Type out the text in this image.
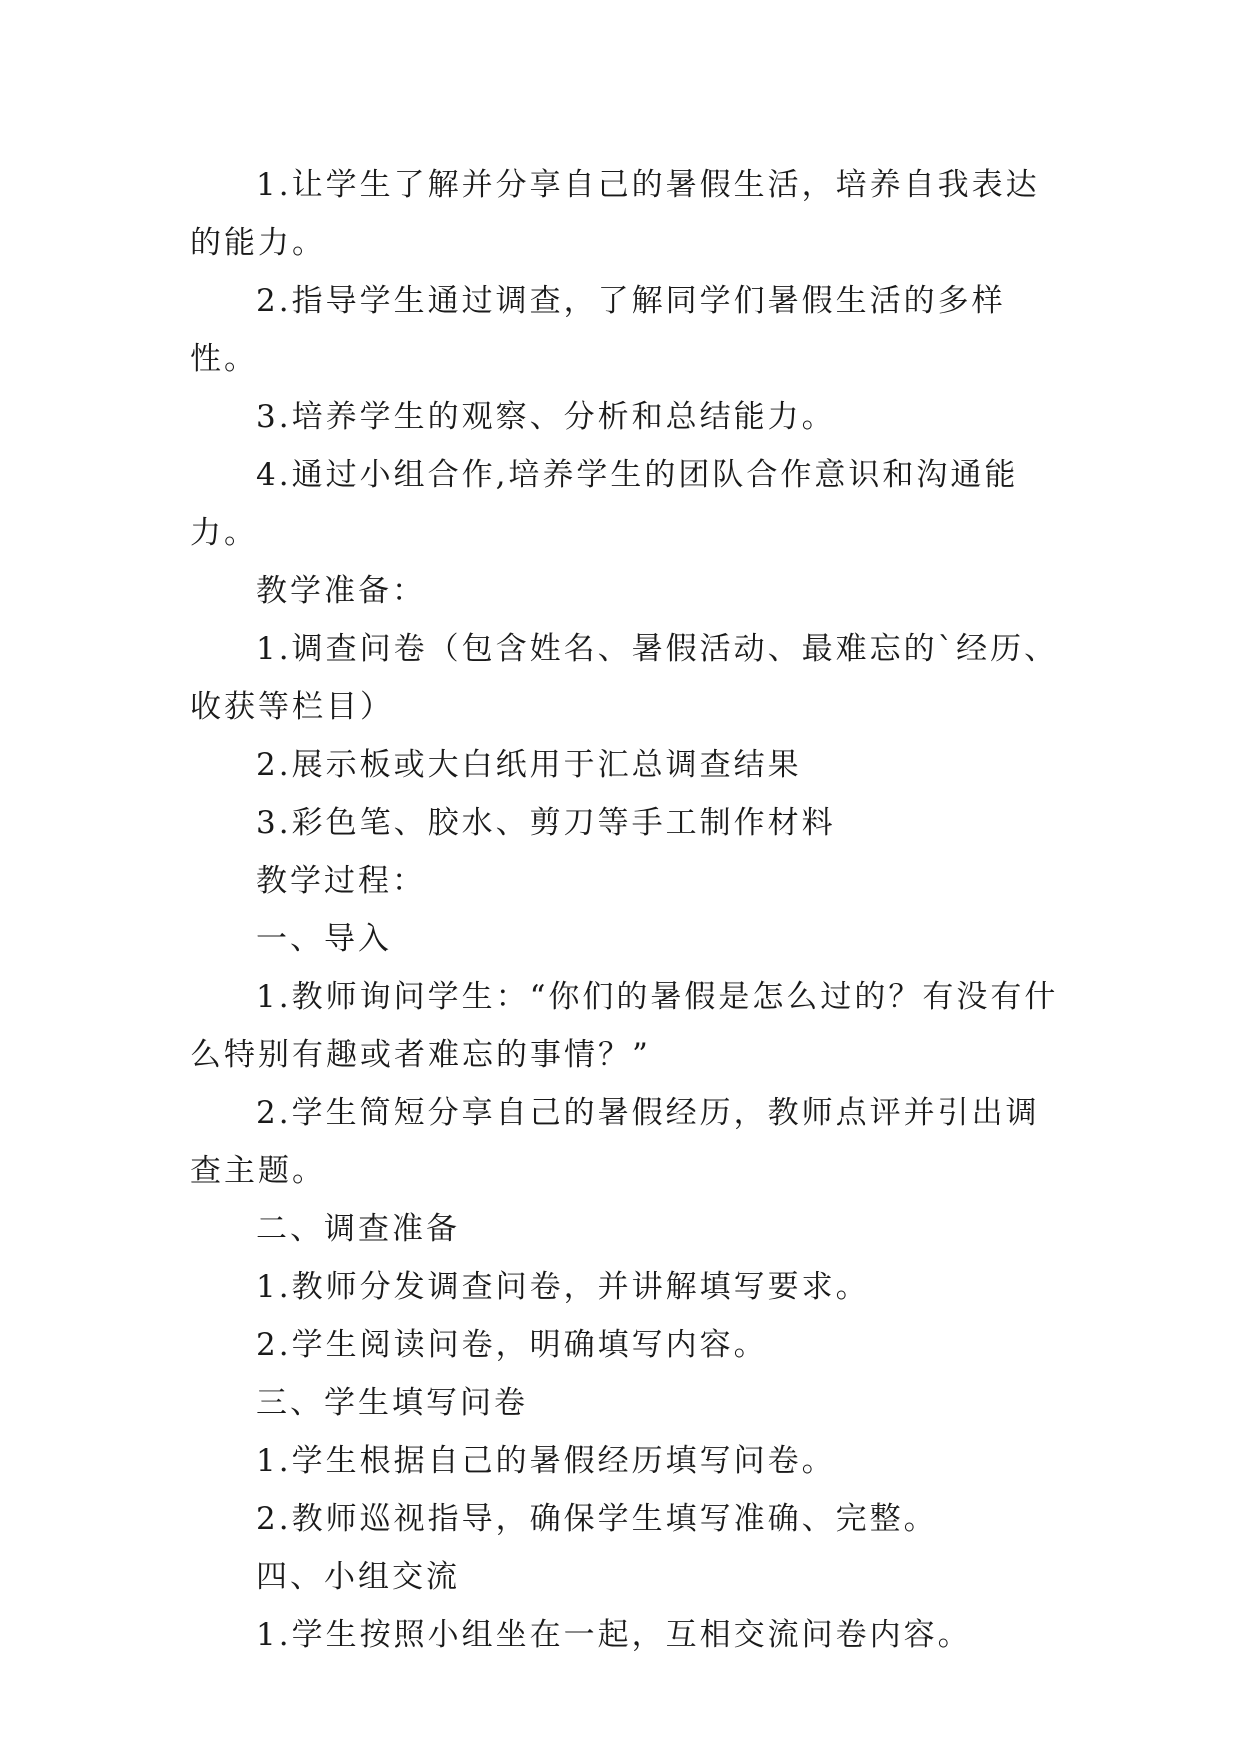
1.让学生了解并分享自己的暑假生活，培养自我表达的能力。

2.指导学生通过调查，了解同学们暑假生活的多样性。

3.培养学生的观察、分析和总结能力。

4.通过小组合作,培养学生的团队合作意识和沟通能力。

教学准备：

1.调查问卷（包含姓名、暑假活动、最难忘的`经历、收获等栏目）

2.展示板或大白纸用于汇总调查结果

3.彩色笔、胶水、剪刀等手工制作材料

教学过程：

一、导入

1.教师询问学生：“你们的暑假是怎么过的？有没有什么特别有趣或者难忘的事情？”

2.学生简短分享自己的暑假经历，教师点评并引出调查主题。

二、调查准备

1.教师分发调查问卷，并讲解填写要求。

2.学生阅读问卷，明确填写内容。

三、学生填写问卷

1.学生根据自己的暑假经历填写问卷。

2.教师巡视指导，确保学生填写准确、完整。

四、小组交流

1.学生按照小组坐在一起，互相交流问卷内容。
